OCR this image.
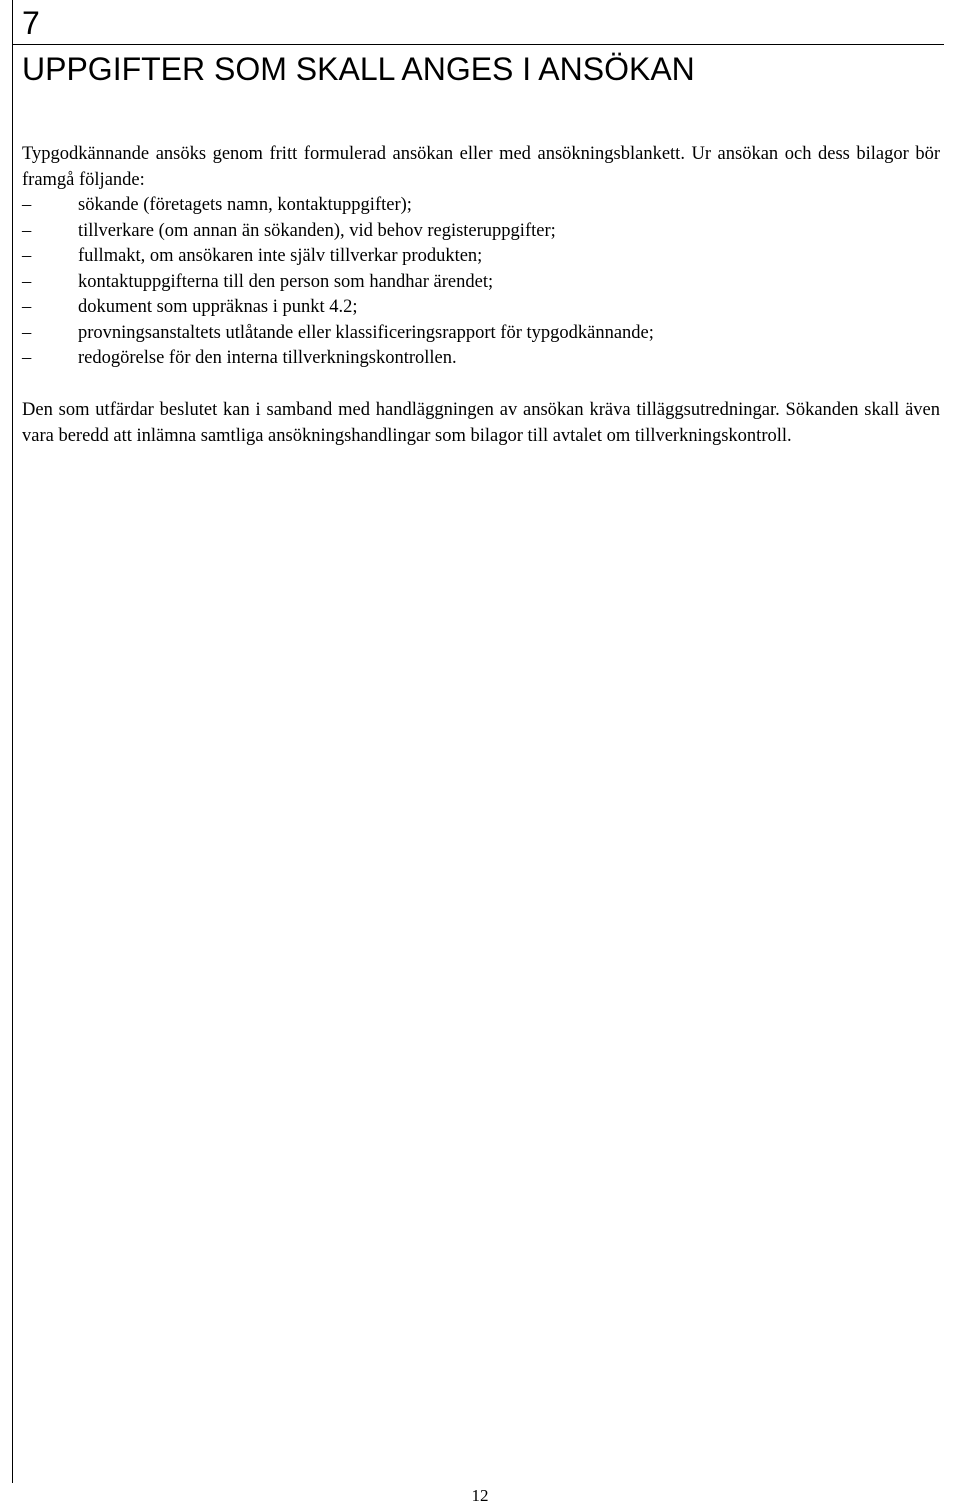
7
UPPGIFTER SOM SKALL ANGES I ANSÖKAN

Typgodkännande ansöks genom fritt formulerad ansökan eller med ansökningsblankett. Ur ansökan och dess bilagor bör framgå följande:

–	sökande (företagets namn, kontaktuppgifter);
–	tillverkare (om annan än sökanden), vid behov registeruppgifter;
–	fullmakt, om ansökaren inte själv tillverkar produkten;
–	kontaktuppgifterna till den person som handhar ärendet;
–	dokument som uppräknas i punkt 4.2;
–	provningsanstaltets utlåtande eller klassificeringsrapport för typgodkännande;
–	redogörelse för den interna tillverkningskontrollen.

Den som utfärdar beslutet kan i samband med handläggningen av ansökan kräva tilläggsutredningar. Sökanden skall även vara beredd att inlämna samtliga ansökningshandlingar som bilagor till avtalet om tillverkningskontroll.

12
